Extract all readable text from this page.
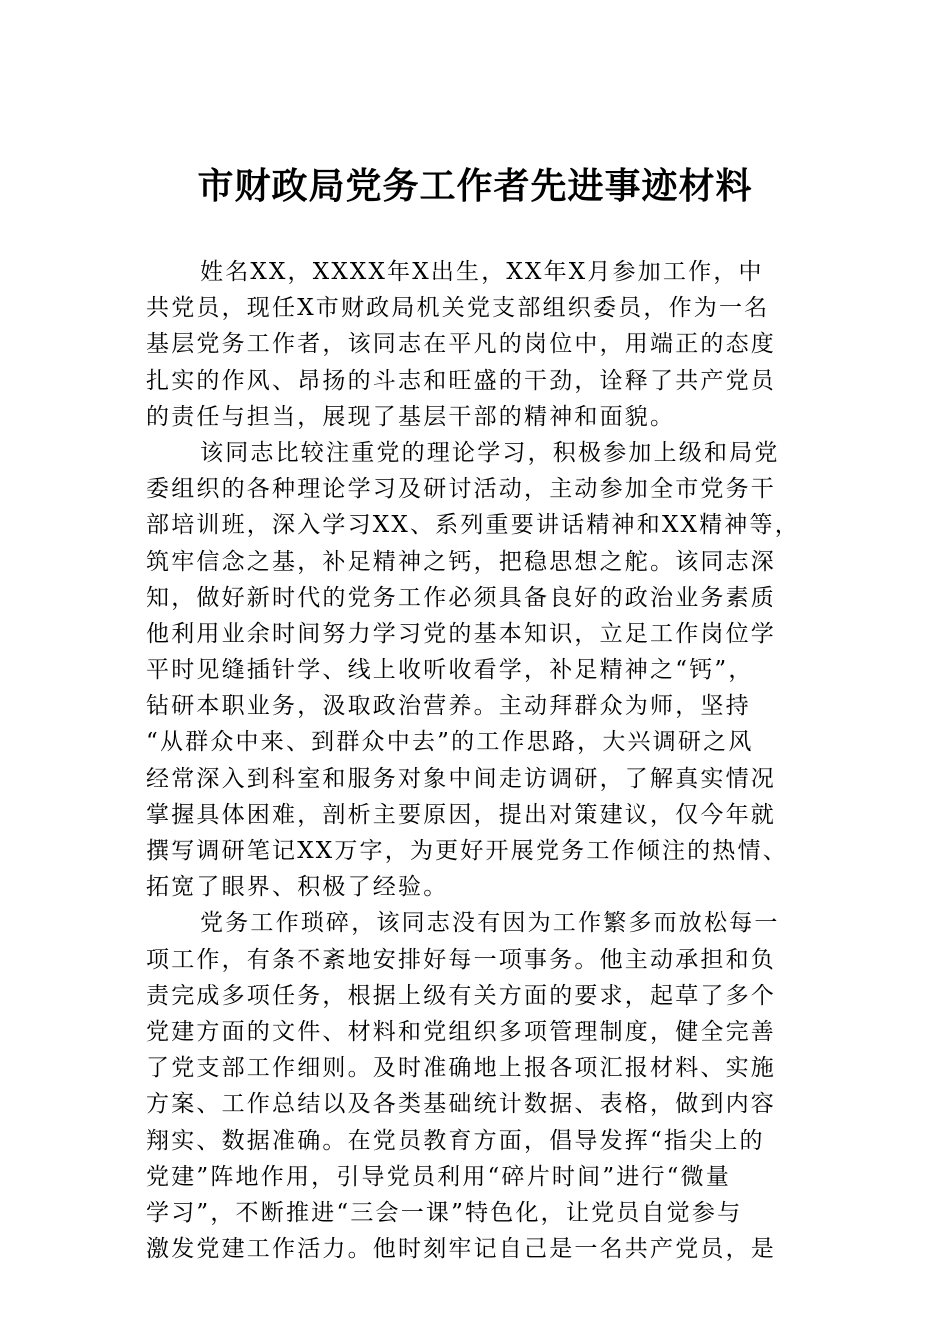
市财政局党务工作者先进事迹材料
姓名XX，XXXX年X出生，XX年X月参加工作，中
共党员，现任X市财政局机关党支部组织委员，作为一名
基层党务工作者，该同志在平凡的岗位中，用端正的态度
扎实的作风、昂扬的斗志和旺盛的干劲，诠释了共产党员
的责任与担当，展现了基层干部的精神和面貌。
该同志比较注重党的理论学习，积极参加上级和局党
委组织的各种理论学习及研讨活动，主动参加全市党务干
部培训班，深入学习XX、系列重要讲话精神和XX精神等，
筑牢信念之基，补足精神之钙，把稳思想之舵。该同志深
知，做好新时代的党务工作必须具备良好的政治业务素质
他利用业余时间努力学习党的基本知识，立足工作岗位学
平时见缝插针学、线上收听收看学，补足精神之“钙”，
钻研本职业务，汲取政治营养。主动拜群众为师，坚持
“从群众中来、到群众中去”的工作思路，大兴调研之风
经常深入到科室和服务对象中间走访调研，了解真实情况
掌握具体困难，剖析主要原因，提出对策建议，仅今年就
撰写调研笔记XX万字，为更好开展党务工作倾注的热情、
拓宽了眼界、积极了经验。
党务工作琐碎，该同志没有因为工作繁多而放松每一
项工作，有条不紊地安排好每一项事务。他主动承担和负
责完成多项任务，根据上级有关方面的要求，起草了多个
党建方面的文件、材料和党组织多项管理制度，健全完善
了党支部工作细则。及时准确地上报各项汇报材料、实施
方案、工作总结以及各类基础统计数据、表格，做到内容
翔实、数据准确。在党员教育方面，倡导发挥“指尖上的
党建”阵地作用，引导党员利用“碎片时间”进行“微量
学习”，不断推进“三会一课”特色化，让党员自觉参与
激发党建工作活力。他时刻牢记自己是一名共产党员，是
